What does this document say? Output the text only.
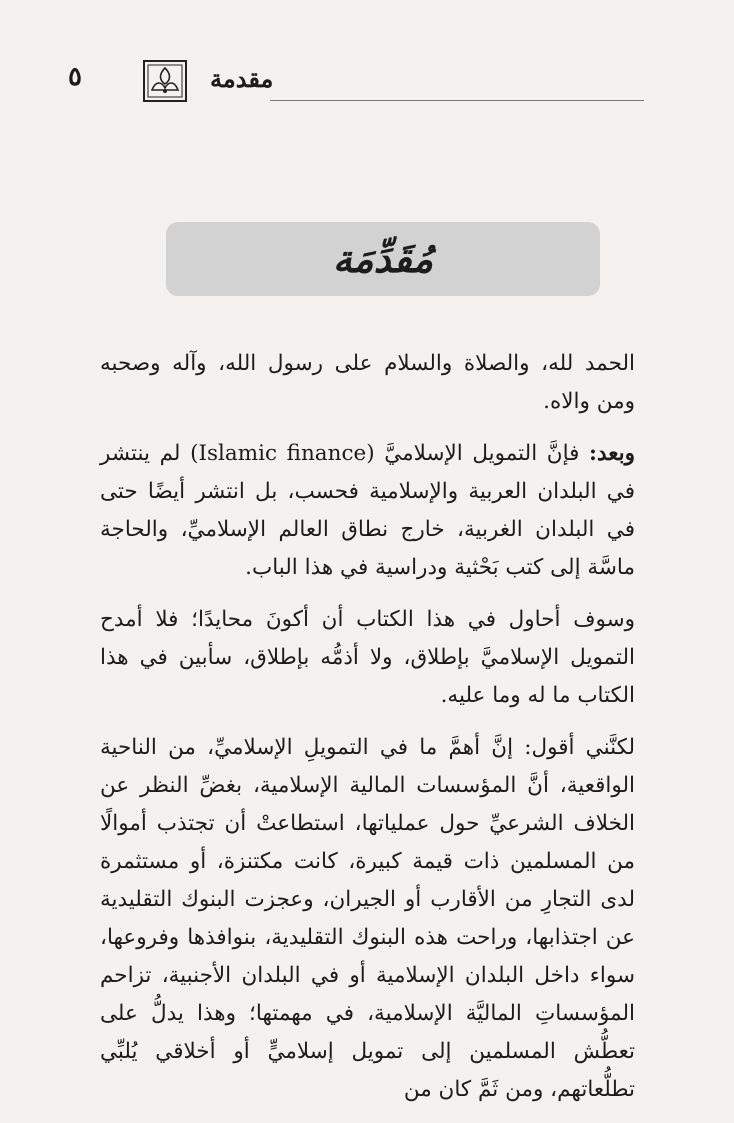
٥	مقدمة
مُقَدِّمَة

الحمد لله، والصلاة والسلام على رسول الله، وآله وصحبه ومن والاه.

وبعد: فإنَّ التمويل الإسلاميَّ (Islamic finance) لم ينتشر في البلدان العربية والإسلامية فحسب، بل انتشر أيضًا حتى في البلدان الغربية، خارج نطاق العالم الإسلاميِّ، والحاجة ماسَّة إلى كتب بَحْثية ودراسية في هذا الباب.

وسوف أحاول في هذا الكتاب أن أكونَ محايدًا؛ فلا أمدح التمويل الإسلاميَّ بإطلاق، ولا أذمُّه بإطلاق، سأبين في هذا الكتاب ما له وما عليه.

لكنَّني أقول: إنَّ أهمَّ ما في التمويلِ الإسلاميِّ، من الناحية الواقعية، أنَّ المؤسسات المالية الإسلامية، بغضِّ النظر عن الخلاف الشرعيِّ حول عملياتها، استطاعتْ أن تجتذب أموالًا من المسلمين ذات قيمة كبيرة، كانت مكتنزة، أو مستثمرة لدى التجارِ من الأقارب أو الجيران، وعجزت البنوك التقليدية عن اجتذابها، وراحت هذه البنوك التقليدية، بنوافذها وفروعها، سواء داخل البلدان الإسلامية أو في البلدان الأجنبية، تزاحم المؤسساتِ الماليَّة الإسلامية، في مهمتها؛ وهذا يدلُّ على تعطُّش المسلمين إلى تمويل إسلاميٍّ أو أخلاقي يُلبِّي تطلُّعاتهم، ومن ثَمَّ كان من
